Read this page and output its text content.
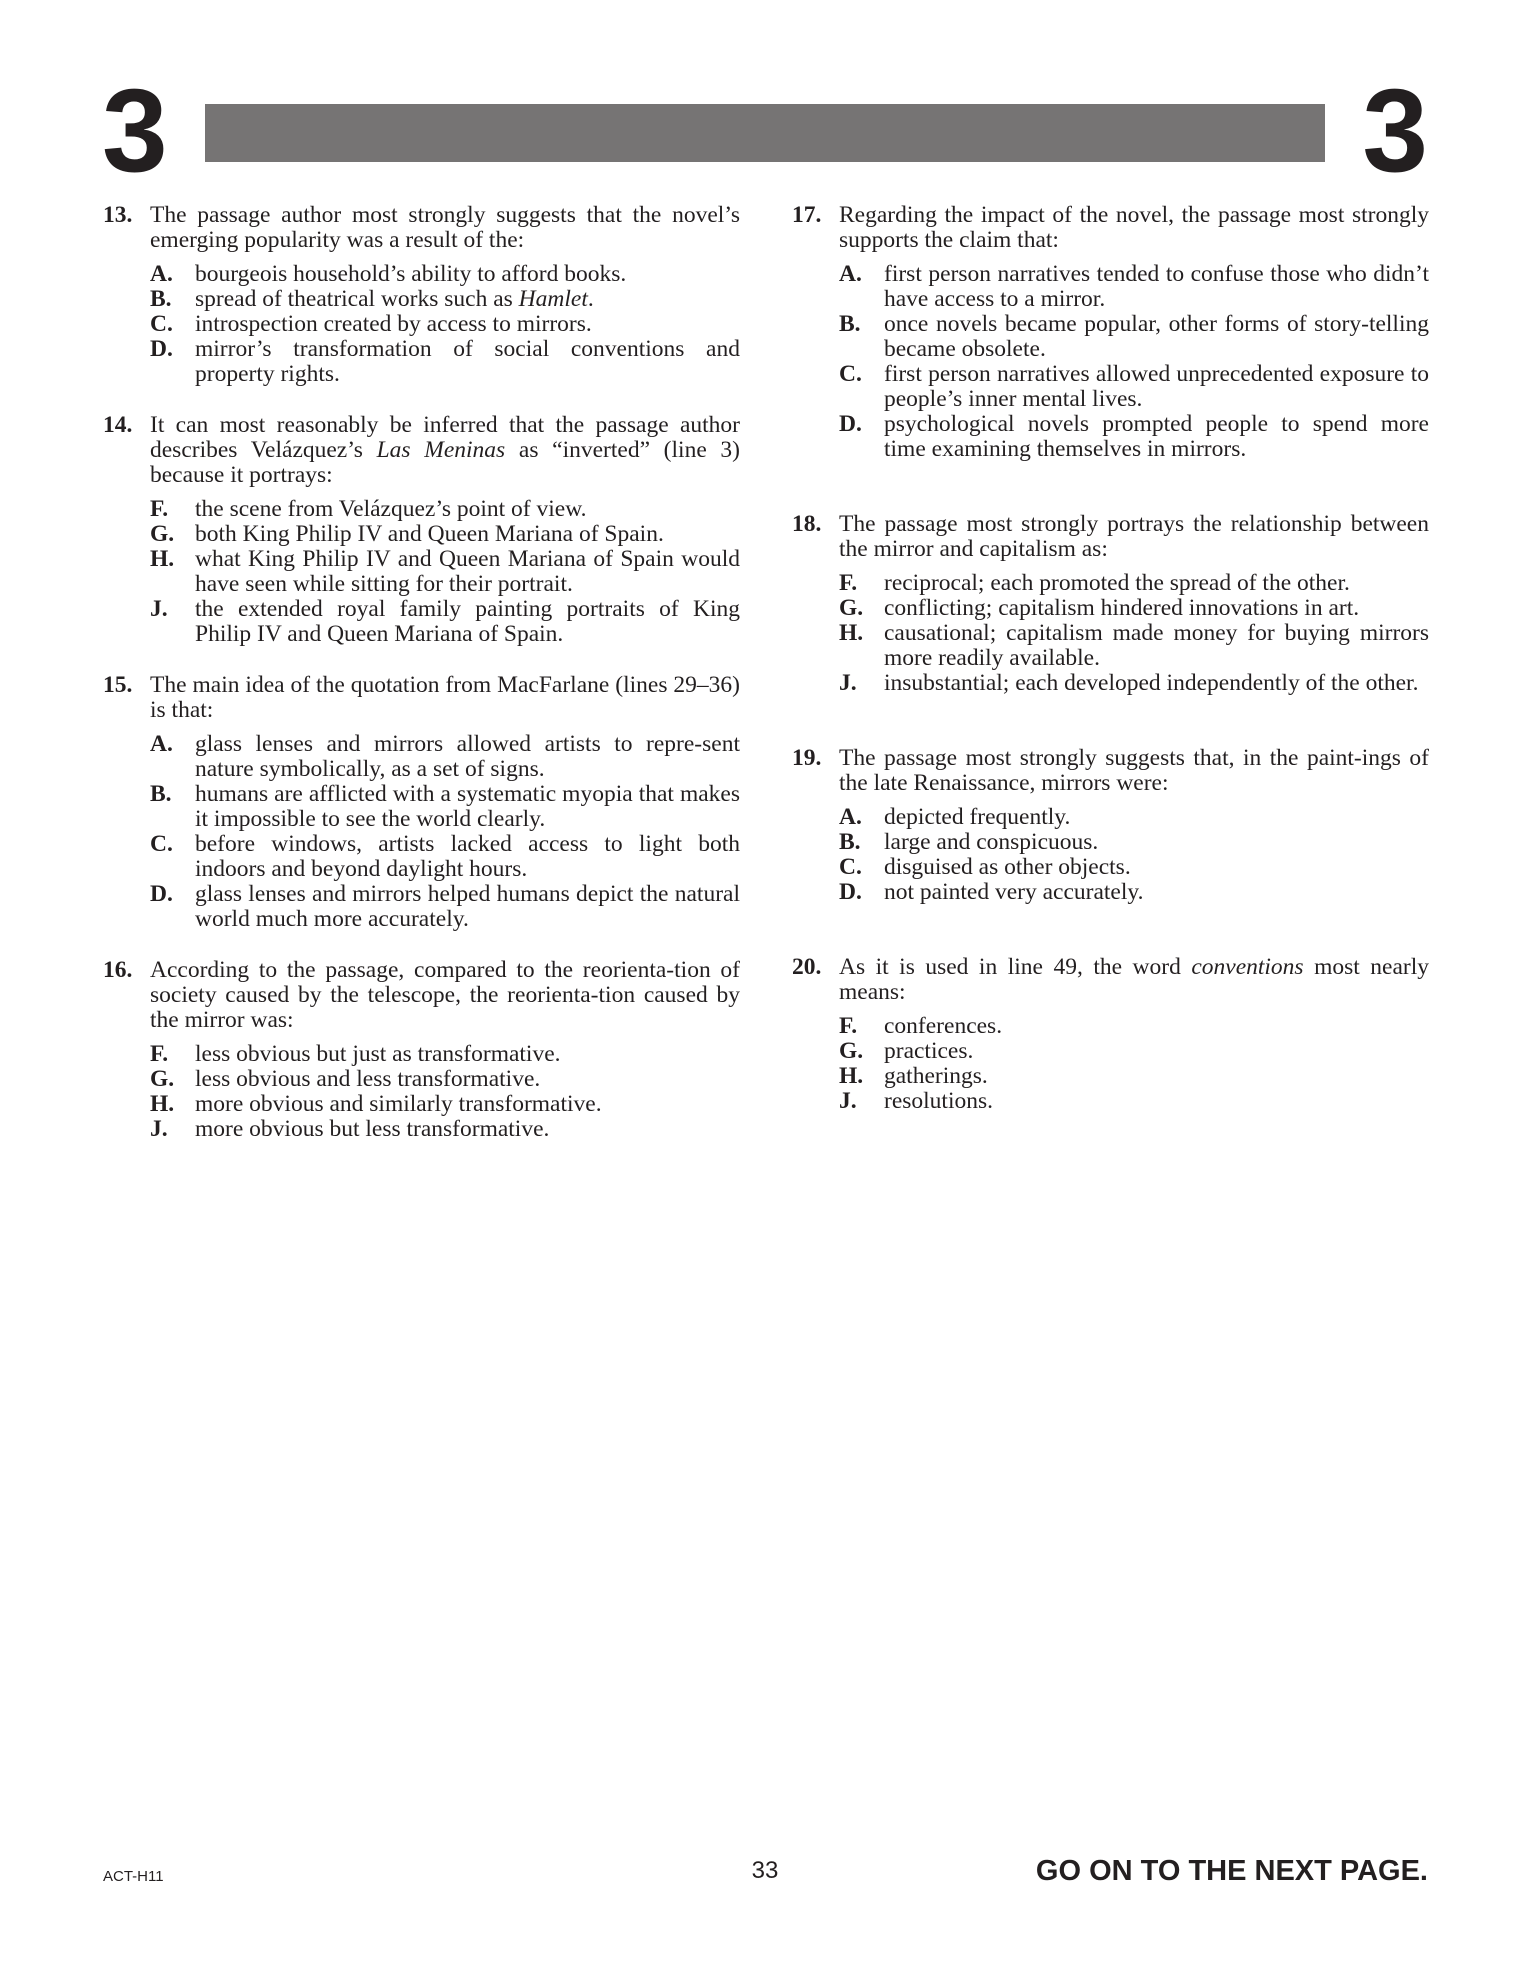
3	3
13. The passage author most strongly suggests that the novel’s emerging popularity was a result of the:
A. bourgeois household’s ability to afford books.
B. spread of theatrical works such as Hamlet.
C. introspection created by access to mirrors.
D. mirror’s transformation of social conventions and property rights.
14. It can most reasonably be inferred that the passage author describes Velázquez’s Las Meninas as “inverted” (line 3) because it portrays:
F. the scene from Velázquez’s point of view.
G. both King Philip IV and Queen Mariana of Spain.
H. what King Philip IV and Queen Mariana of Spain would have seen while sitting for their portrait.
J. the extended royal family painting portraits of King Philip IV and Queen Mariana of Spain.
15. The main idea of the quotation from MacFarlane (lines 29–36) is that:
A. glass lenses and mirrors allowed artists to repre-sent nature symbolically, as a set of signs.
B. humans are afflicted with a systematic myopia that makes it impossible to see the world clearly.
C. before windows, artists lacked access to light both indoors and beyond daylight hours.
D. glass lenses and mirrors helped humans depict the natural world much more accurately.
16. According to the passage, compared to the reorienta-tion of society caused by the telescope, the reorienta-tion caused by the mirror was:
F. less obvious but just as transformative.
G. less obvious and less transformative.
H. more obvious and similarly transformative.
J. more obvious but less transformative.
17. Regarding the impact of the novel, the passage most strongly supports the claim that:
A. first person narratives tended to confuse those who didn’t have access to a mirror.
B. once novels became popular, other forms of story-telling became obsolete.
C. first person narratives allowed unprecedented exposure to people’s inner mental lives.
D. psychological novels prompted people to spend more time examining themselves in mirrors.
18. The passage most strongly portrays the relationship between the mirror and capitalism as:
F. reciprocal; each promoted the spread of the other.
G. conflicting; capitalism hindered innovations in art.
H. causational; capitalism made money for buying mirrors more readily available.
J. insubstantial; each developed independently of the other.
19. The passage most strongly suggests that, in the paint-ings of the late Renaissance, mirrors were:
A. depicted frequently.
B. large and conspicuous.
C. disguised as other objects.
D. not painted very accurately.
20. As it is used in line 49, the word conventions most nearly means:
F. conferences.
G. practices.
H. gatherings.
J. resolutions.
ACT-H11	33	GO ON TO THE NEXT PAGE.
